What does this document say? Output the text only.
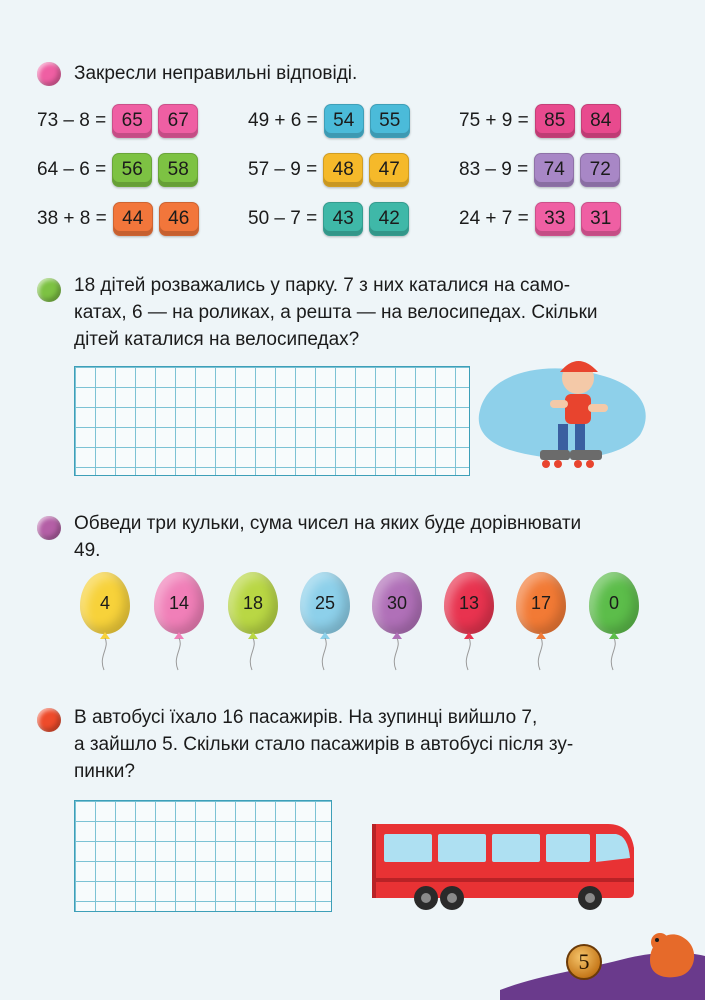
Закресли неправильні відповіді.
73 – 8 = 65	67
64 – 6 = 56	58
38 + 8 = 44	46
49 + 6 = 54	55
57 – 9 = 48	47
50 – 7 = 43	42
75 + 9 = 85	84
83 – 9 = 74	72
24 + 7 = 33	31
18 дітей розважались у парку. 7 з них каталися на само-
катах, 6 — на роликах, а решта — на велосипедах. Скільки
дітей каталися на велосипедах?
Обведи три кульки, сума чисел на яких буде дорівнювати
49.
4	14	18	25	30	13	17	0
В автобусі їхало 16 пасажирів. На зупинці вийшло 7,
а зайшло 5. Скільки стало пасажирів в автобусі після зу-
пинки?
5
